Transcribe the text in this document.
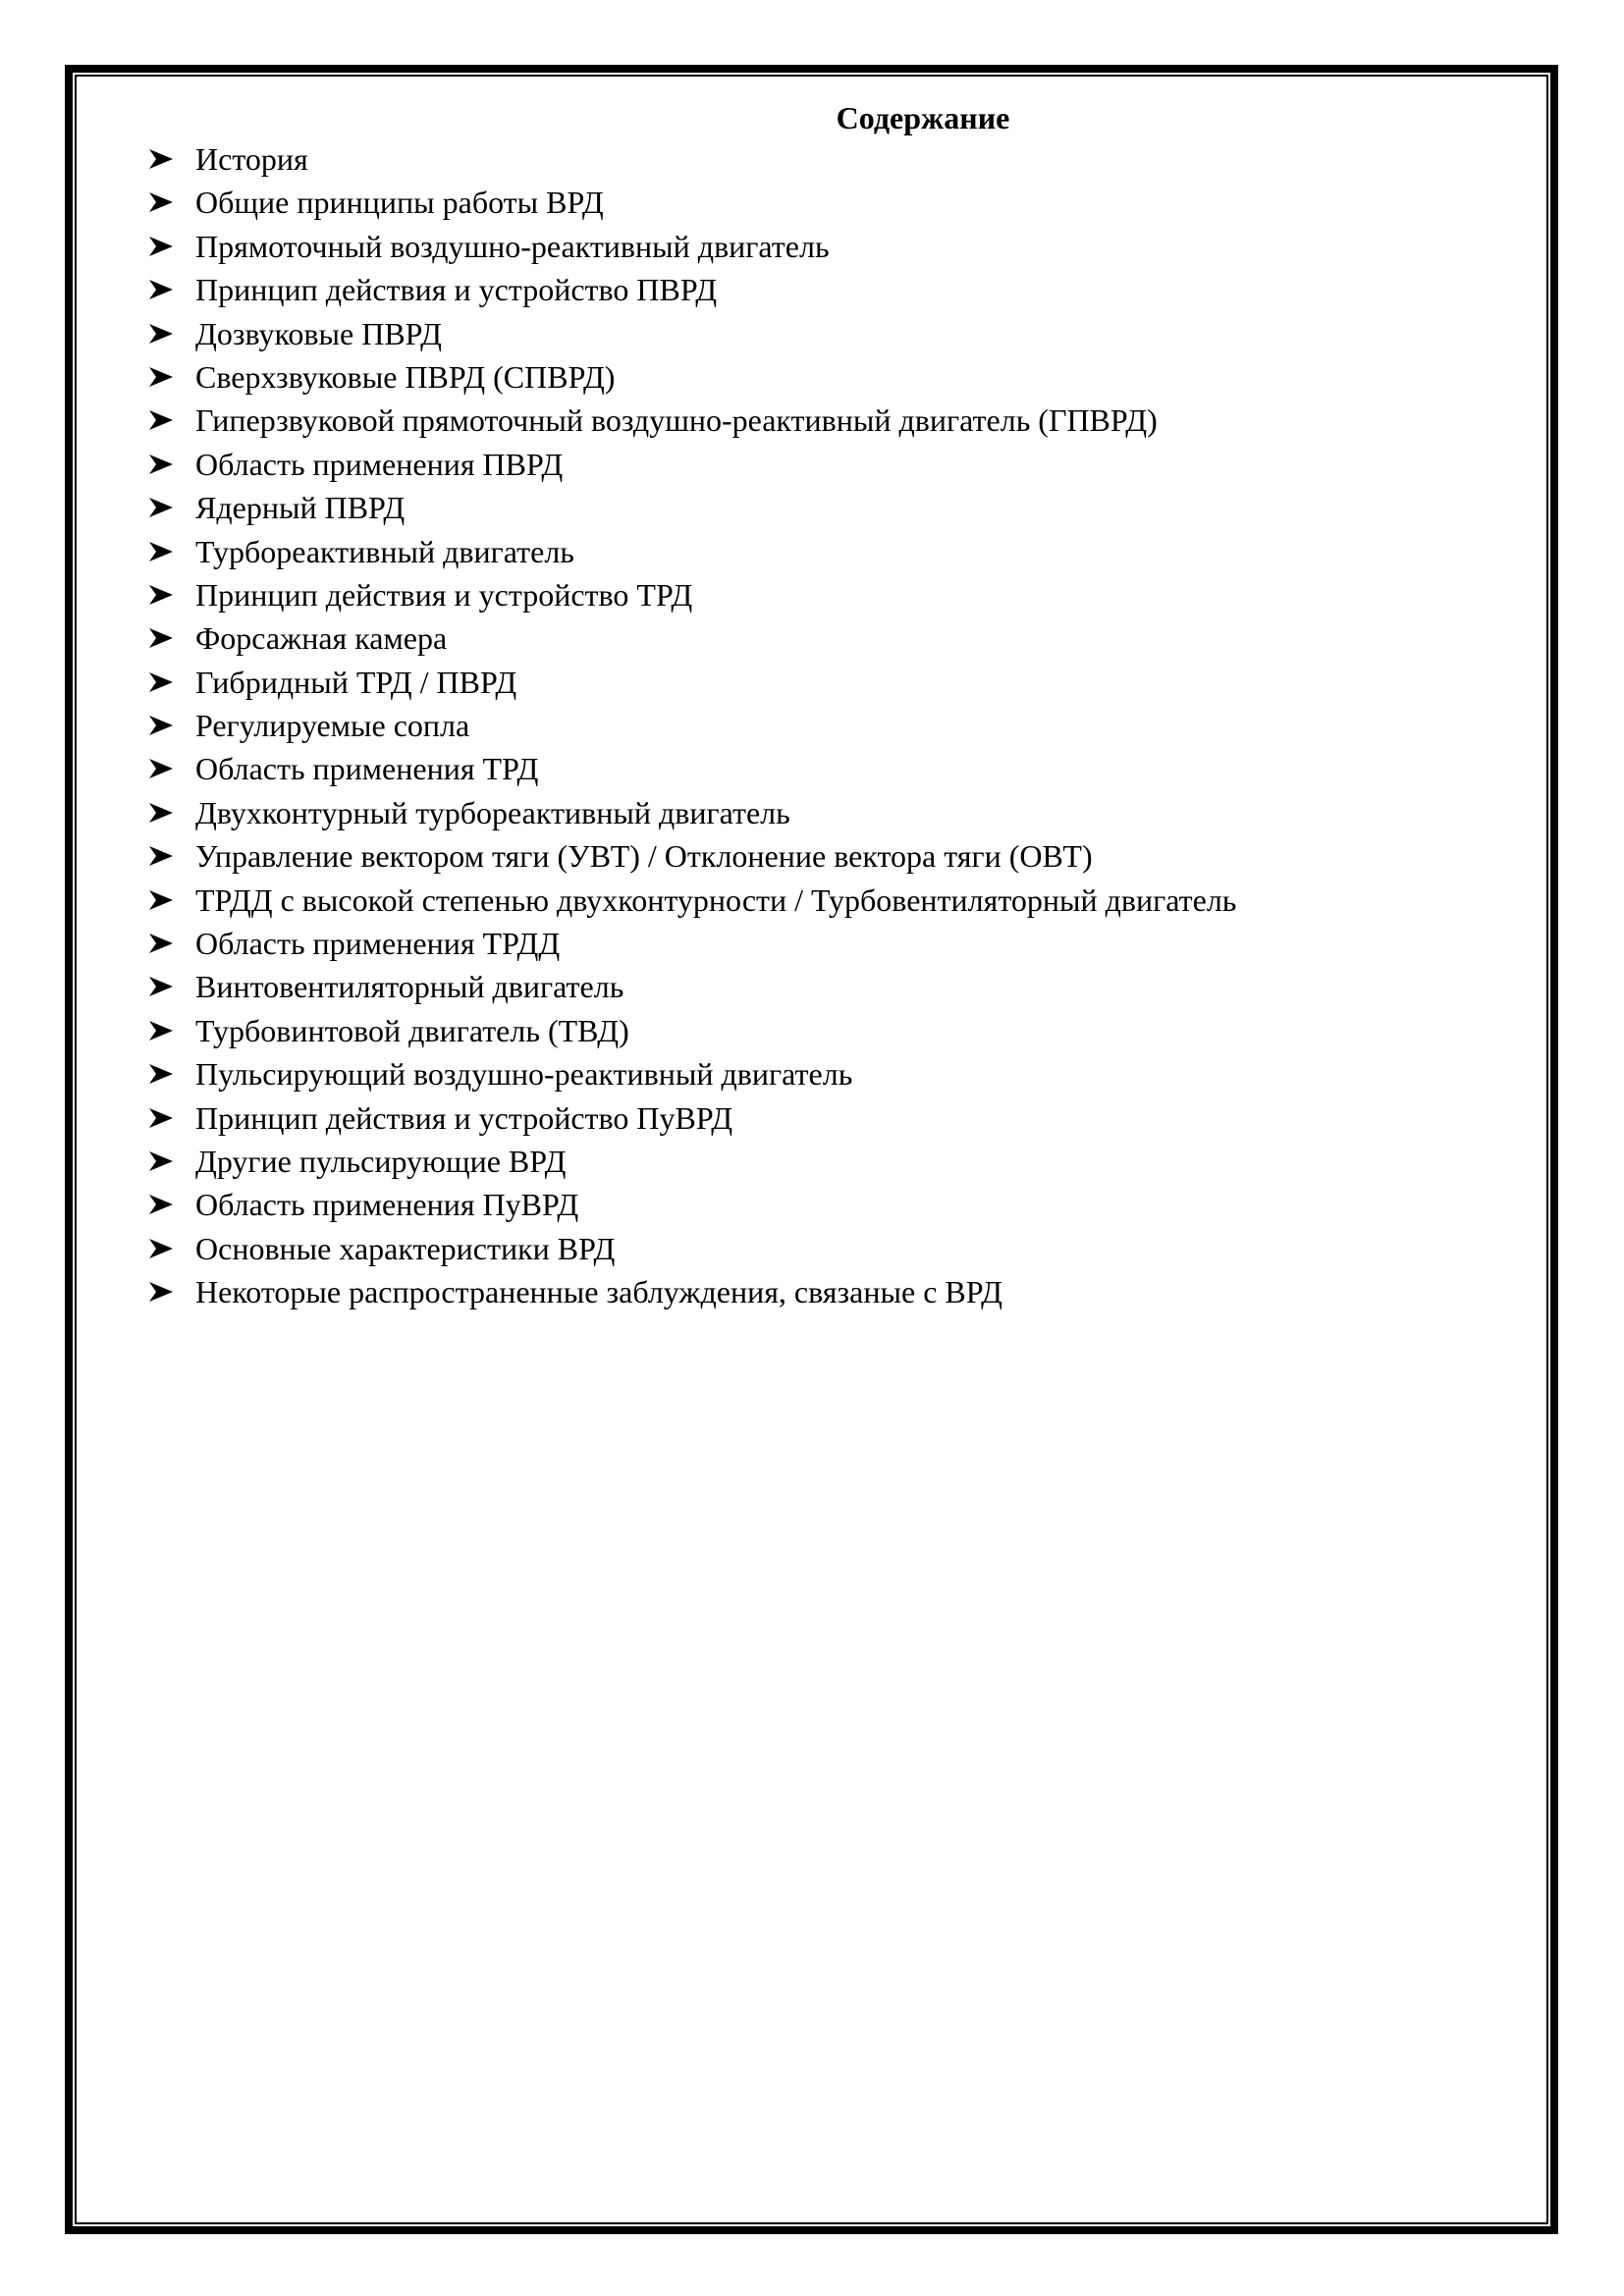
Содержание
История
Общие принципы работы ВРД
Прямоточный воздушно-реактивный двигатель
Принцип действия и устройство ПВРД
Дозвуковые ПВРД
Сверхзвуковые ПВРД (СПВРД)
Гиперзвуковой прямоточный воздушно-реактивный двигатель (ГПВРД)
Область применения ПВРД
Ядерный ПВРД
Турбореактивный двигатель
Принцип действия и устройство ТРД
Форсажная камера
Гибридный ТРД / ПВРД
Регулируемые сопла
Область применения ТРД
Двухконтурный турбореактивный двигатель
Управление вектором тяги (УВТ) / Отклонение вектора тяги (ОВТ)
ТРДД с высокой степенью двухконтурности / Турбовентиляторный двигатель
Область применения ТРДД
Винтовентиляторный двигатель
Турбовинтовой двигатель (ТВД)
Пульсирующий воздушно-реактивный двигатель
Принцип действия и устройство ПуВРД
Другие пульсирующие ВРД
Область применения ПуВРД
Основные характеристики ВРД
Некоторые распространенные заблуждения, связаные с ВРД
